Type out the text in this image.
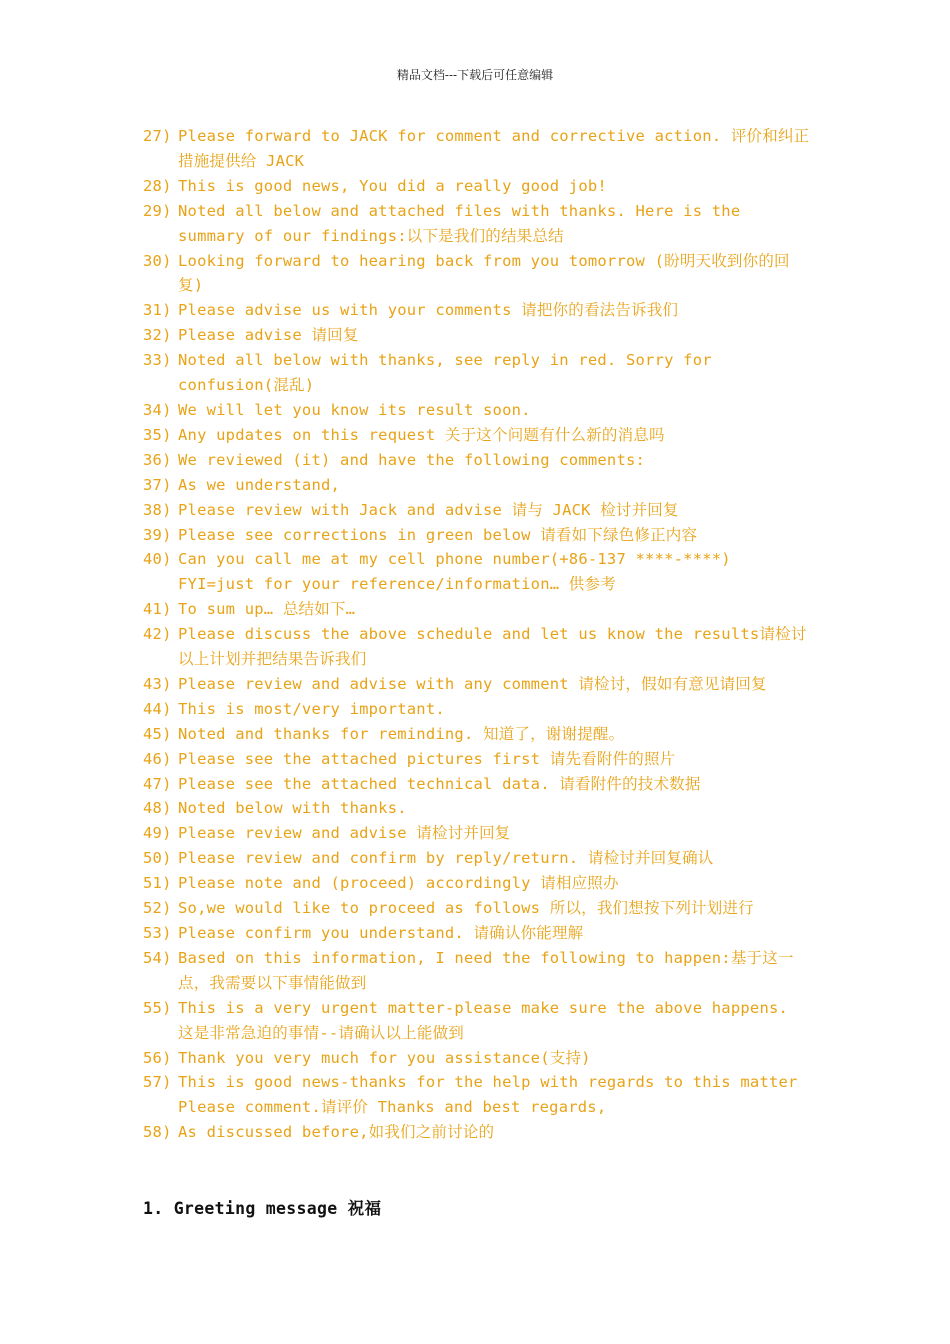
精品文档---下载后可任意编辑
27) Please forward to JACK for comment and corrective action. 评价和纠正措施提供给 JACK
28) This is good news, You did a really good job!
29) Noted all below and attached files with thanks. Here is the summary of our findings:以下是我们的结果总结
30) Looking forward to hearing back from you tomorrow (盼明天收到你的回复)
31) Please advise us with your comments 请把你的看法告诉我们
32) Please advise 请回复
33) Noted all below with thanks, see reply in red. Sorry for confusion(混乱)
34) We will let you know its result soon.
35) Any updates on this request 关于这个问题有什么新的消息吗
36) We reviewed (it) and have the following comments:
37) As we understand,
38) Please review with Jack and advise 请与 JACK 检讨并回复
39) Please see corrections in green below 请看如下绿色修正内容
40) Can you call me at my cell phone number(+86-137 ****-****) FYI=just for your reference/information… 供参考
41) To sum up… 总结如下…
42) Please discuss the above schedule and let us know the results请检讨以上计划并把结果告诉我们
43) Please review and advise with any comment 请检讨，假如有意见请回复
44) This is most/very important.
45) Noted and thanks for reminding. 知道了，谢谢提醒。
46) Please see the attached pictures first 请先看附件的照片
47) Please see the attached technical data. 请看附件的技术数据
48) Noted below with thanks.
49) Please review and advise 请检讨并回复
50) Please review and confirm by reply/return. 请检讨并回复确认
51) Please note and (proceed) accordingly 请相应照办
52) So,we would like to proceed as follows 所以，我们想按下列计划进行
53) Please confirm you understand. 请确认你能理解
54) Based on this information, I need the following to happen:基于这一点，我需要以下事情能做到
55) This is a very urgent matter-please make sure the above happens. 这是非常急迫的事情--请确认以上能做到
56) Thank you very much for you assistance(支持)
57) This is good news-thanks for the help with regards to this matter Please comment.请评价 Thanks and best regards,
58) As discussed before,如我们之前讨论的
1. Greeting message 祝福
